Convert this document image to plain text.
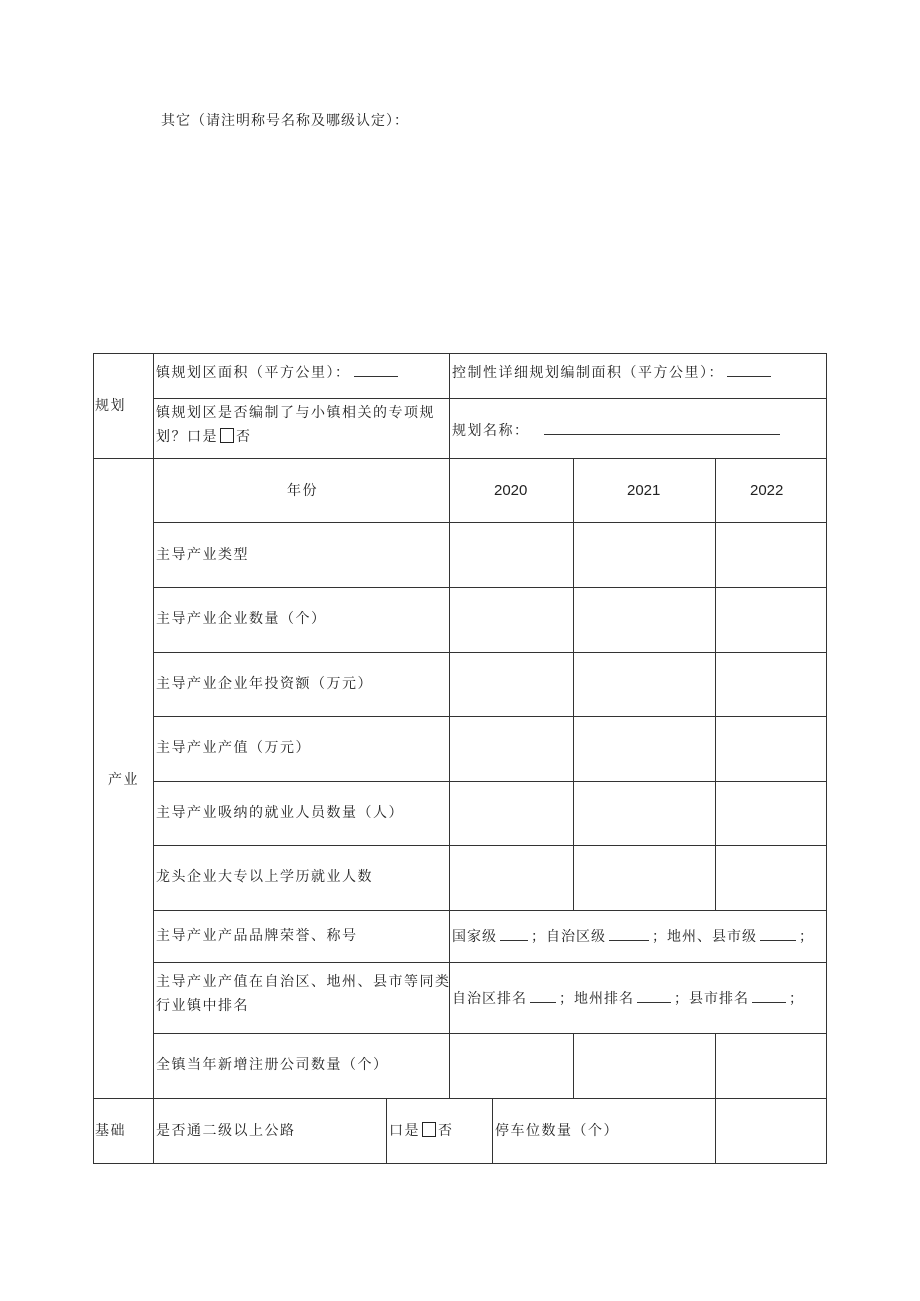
其它（请注明称号名称及哪级认定）：
规划
镇规划区面积（平方公里）：	控制性详细规划编制面积（平方公里）：
镇规划区是否编制了与小镇相关的专项规
划？口是 否	规划名称：
产业
年份	2020	2021	2022
主导产业类型
主导产业企业数量（个）
主导产业企业年投资额（万元）
主导产业产值（万元）
主导产业吸纳的就业人员数量（人）
龙头企业大专以上学历就业人数
主导产业产品品牌荣誉、称号	国家级 ；自治区级	；地州、县市级	；
主导产业产值在自治区、地州、县市等同类
行业镇中排名	自治区排名 ；地州排名	；县市排名	；
全镇当年新增注册公司数量（个）
基础 是否通二级以上公路	口是 否	停车位数量（个）
